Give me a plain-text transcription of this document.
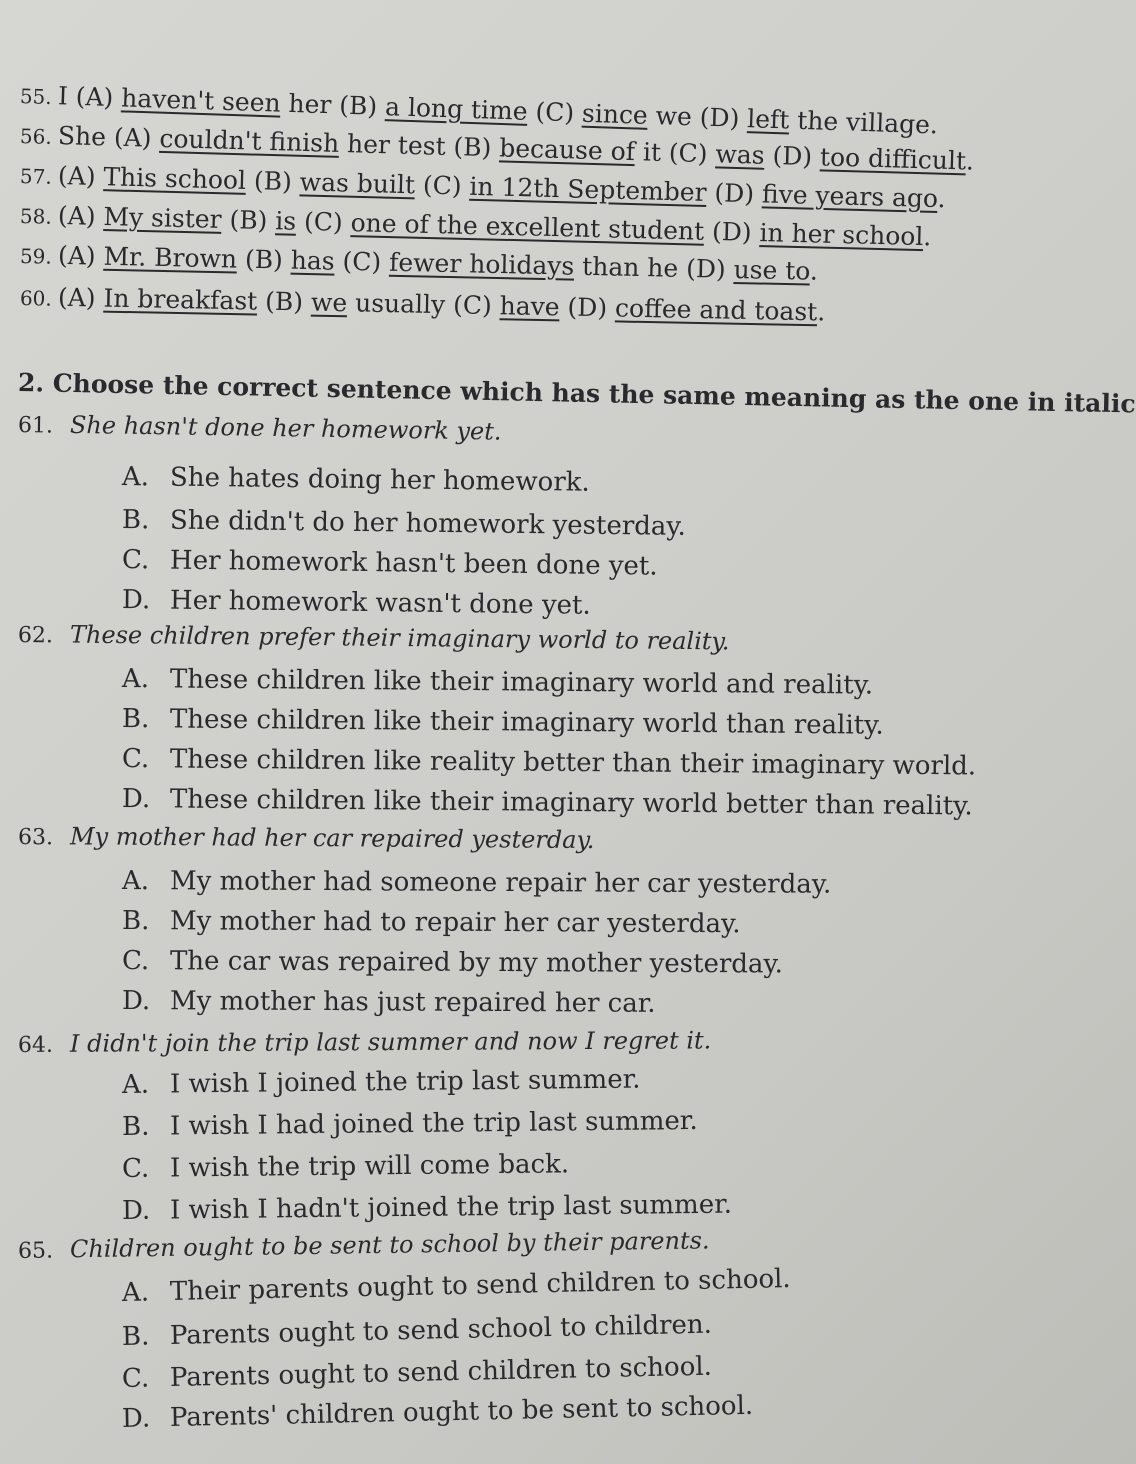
55. I (A) haven't seen her (B) a long time (C) since we (D) left the village.
56. She (A) couldn't finish her test (B) because of it (C) was (D) too difficult.
57. (A) This school (B) was built (C) in 12th September (D) five years ago.
58. (A) My sister (B) is (C) one of the excellent student (D) in her school.
59. (A) Mr. Brown (B) has (C) fewer holidays than he (D) use to.
60. (A) In breakfast (B) we usually (C) have (D) coffee and toast.
2. Choose the correct sentence which has the same meaning as the one in italic
61. She hasn't done her homework yet.
A. She hates doing her homework.
B. She didn't do her homework yesterday.
C. Her homework hasn't been done yet.
D. Her homework wasn't done yet.
62. These children prefer their imaginary world to reality.
A. These children like their imaginary world and reality.
B. These children like their imaginary world than reality.
C. These children like reality better than their imaginary world.
D. These children like their imaginary world better than reality.
63. My mother had her car repaired yesterday.
A. My mother had someone repair her car yesterday.
B. My mother had to repair her car yesterday.
C. The car was repaired by my mother yesterday.
D. My mother has just repaired her car.
64. I didn't join the trip last summer and now I regret it.
A. I wish I joined the trip last summer.
B. I wish I had joined the trip last summer.
C. I wish the trip will come back.
D. I wish I hadn't joined the trip last summer.
65. Children ought to be sent to school by their parents.
A. Their parents ought to send children to school.
B. Parents ought to send school to children.
C. Parents ought to send children to school.
D. Parents' children ought to be sent to school.
